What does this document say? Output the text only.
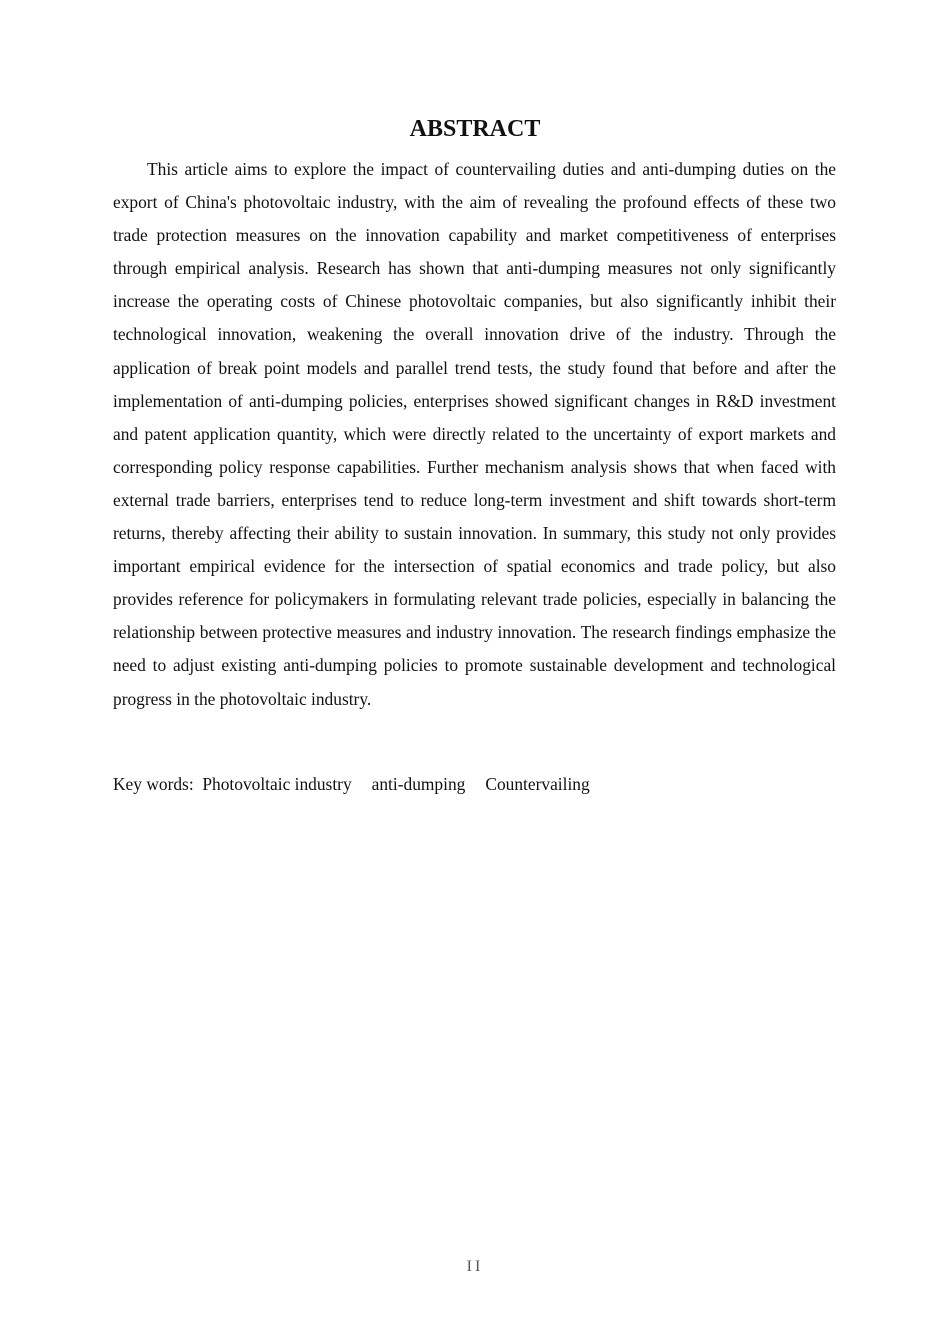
ABSTRACT

This article aims to explore the impact of countervailing duties and anti-dumping duties on the export of China's photovoltaic industry, with the aim of revealing the profound effects of these two trade protection measures on the innovation capability and market competitiveness of enterprises through empirical analysis. Research has shown that anti-dumping measures not only significantly increase the operating costs of Chinese photovoltaic companies, but also significantly inhibit their technological innovation, weakening the overall innovation drive of the industry. Through the application of break point models and parallel trend tests, the study found that before and after the implementation of anti-dumping policies, enterprises showed significant changes in R&D investment and patent application quantity, which were directly related to the uncertainty of export markets and corresponding policy response capabilities. Further mechanism analysis shows that when faced with external trade barriers, enterprises tend to reduce long-term investment and shift towards short-term returns, thereby affecting their ability to sustain innovation. In summary, this study not only provides important empirical evidence for the intersection of spatial economics and trade policy, but also provides reference for policymakers in formulating relevant trade policies, especially in balancing the relationship between protective measures and industry innovation. The research findings emphasize the need to adjust existing anti-dumping policies to promote sustainable development and technological progress in the photovoltaic industry.

Key words: Photovoltaic industry anti-dumping Countervailing
II
